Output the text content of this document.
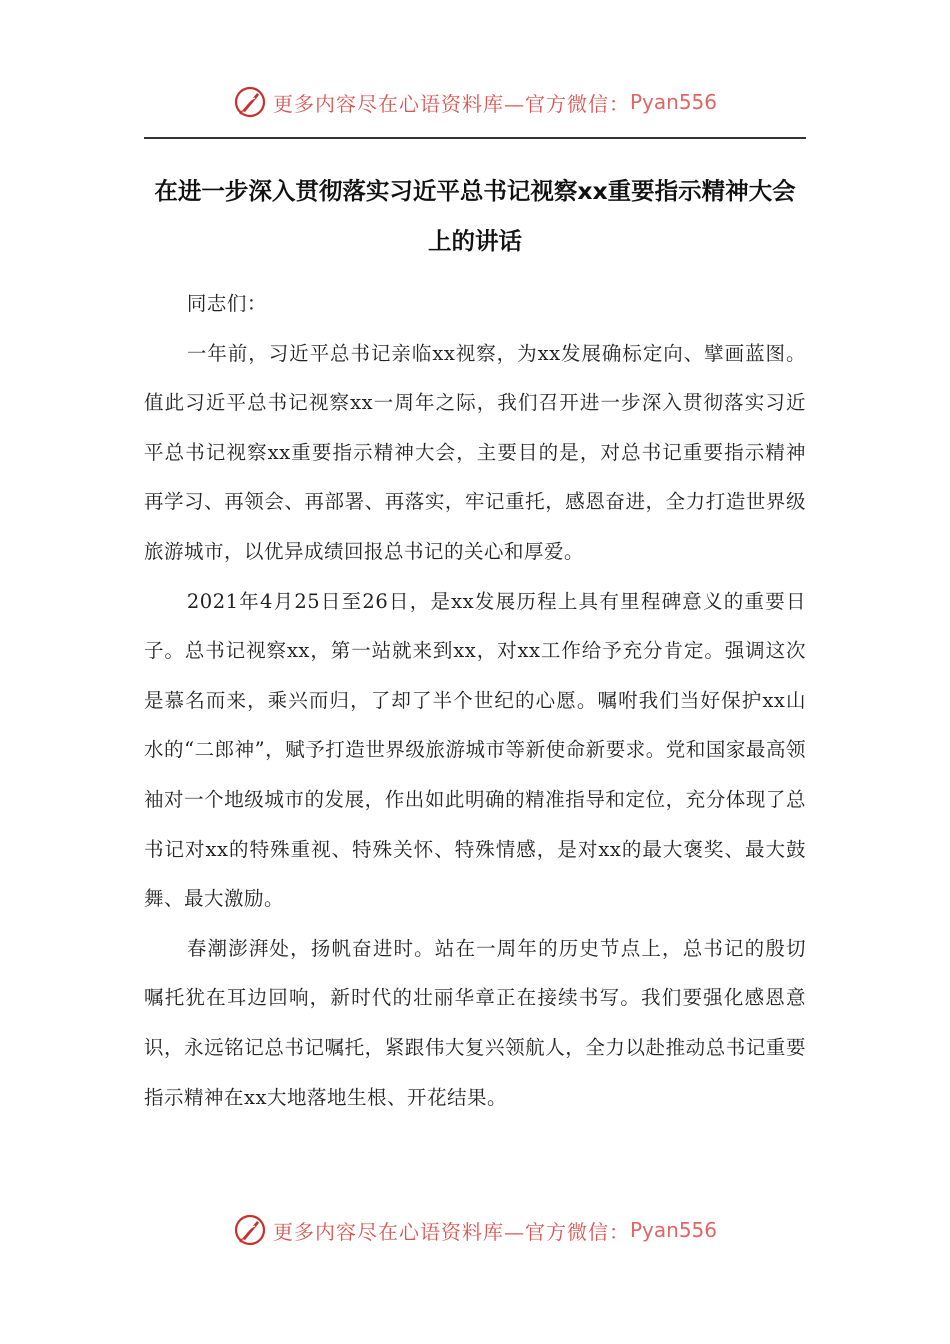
更多内容尽在心语资料库—官方微信： Pyan556
在进一步深入贯彻落实习近平总书记视察xx重要指示精神大会上的讲话

同志们：

一年前，习近平总书记亲临xx视察，为xx发展确标定向、擘画蓝图。值此习近平总书记视察xx一周年之际，我们召开进一步深入贯彻落实习近平总书记视察xx重要指示精神大会，主要目的是，对总书记重要指示精神再学习、再领会、再部署、再落实，牢记重托，感恩奋进，全力打造世界级旅游城市，以优异成绩回报总书记的关心和厚爱。

2021年4月25日至26日，是xx发展历程上具有里程碑意义的重要日子。总书记视察xx，第一站就来到xx，对xx工作给予充分肯定。强调这次是慕名而来，乘兴而归，了却了半个世纪的心愿。嘱咐我们当好保护xx山水的“二郎神”，赋予打造世界级旅游城市等新使命新要求。党和国家最高领袖对一个地级城市的发展，作出如此明确的精准指导和定位，充分体现了总书记对xx的特殊重视、特殊关怀、特殊情感，是对xx的最大褒奖、最大鼓舞、最大激励。

春潮澎湃处，扬帆奋进时。站在一周年的历史节点上，总书记的殷切嘱托犹在耳边回响，新时代的壮丽华章正在接续书写。我们要强化感恩意识，永远铭记总书记嘱托，紧跟伟大复兴领航人，全力以赴推动总书记重要指示精神在xx大地落地生根、开花结果。

更多内容尽在心语资料库—官方微信： Pyan556
